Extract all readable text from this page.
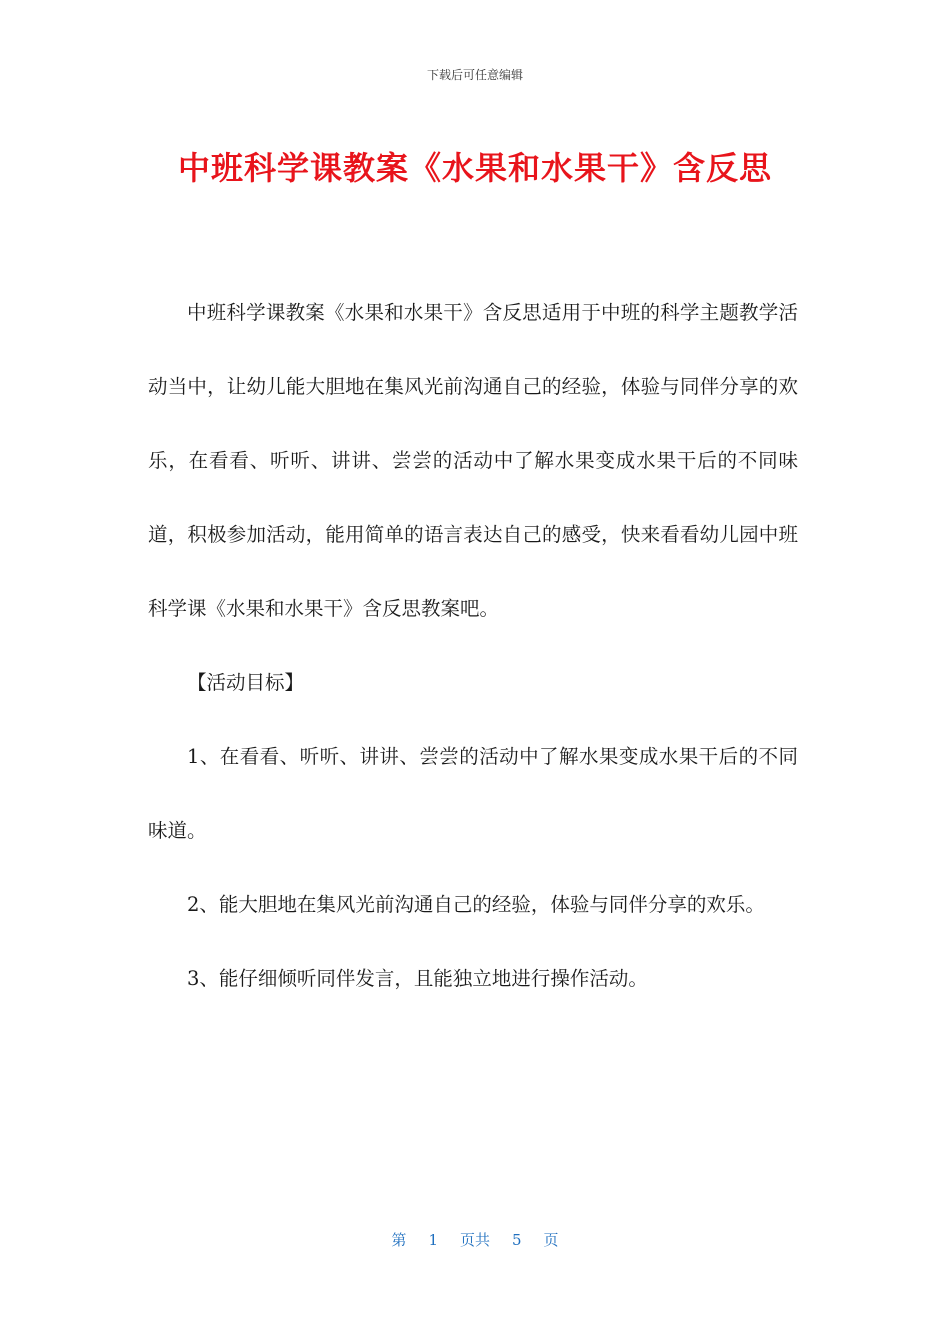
下载后可任意编辑
中班科学课教案《水果和水果干》含反思

中班科学课教案《水果和水果干》含反思适用于中班的科学主题教学活动当中，让幼儿能大胆地在集风光前沟通自己的经验，体验与同伴分享的欢乐，在看看、听听、讲讲、尝尝的活动中了解水果变成水果干后的不同味道，积极参加活动，能用简单的语言表达自己的感受，快来看看幼儿园中班科学课《水果和水果干》含反思教案吧。

【活动目标】

1、在看看、听听、讲讲、尝尝的活动中了解水果变成水果干后的不同味道。

2、能大胆地在集风光前沟通自己的经验，体验与同伴分享的欢乐。

3、能仔细倾听同伴发言，且能独立地进行操作活动。

第 1 页共 5 页
